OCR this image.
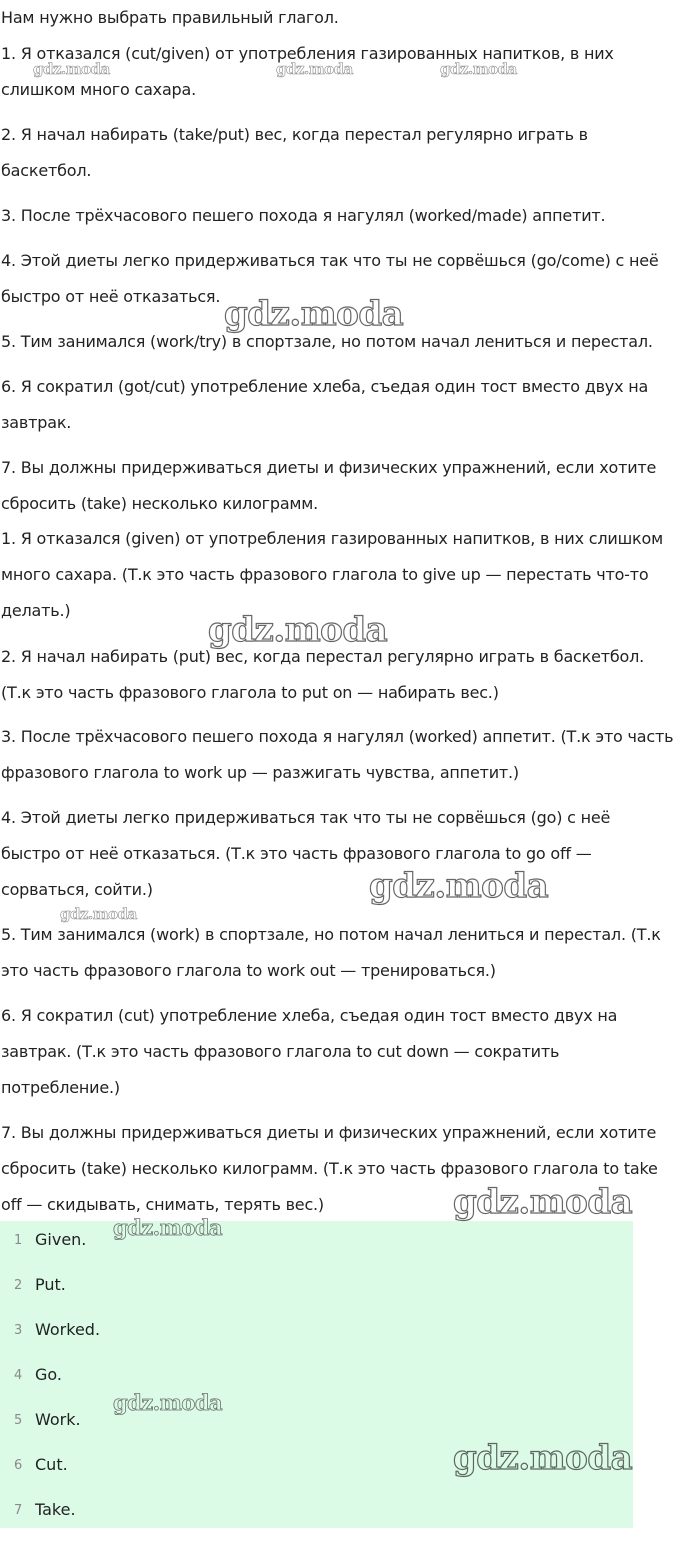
Нам нужно выбрать правильный глагол.
1. Я отказался (cut/given) от употребления газированных напитков, в них
слишком много сахара.
2. Я начал набирать (take/put) вес, когда перестал регулярно играть в
баскетбол.
3. После трёхчасового пешего похода я нагулял (worked/made) аппетит.
4. Этой диеты легко придерживаться так что ты не сорвёшься (go/come) с неё
быстро от неё отказаться.
5. Тим занимался (work/try) в спортзале, но потом начал лениться и перестал.
6. Я сократил (got/cut) употребление хлеба, съедая один тост вместо двух на
завтрак.
7. Вы должны придерживаться диеты и физических упражнений, если хотите
сбросить (take) несколько килограмм.
1. Я отказался (given) от употребления газированных напитков, в них слишком
много сахара. (Т.к это часть фразового глагола to give up — перестать что-то
делать.)
2. Я начал набирать (put) вес, когда перестал регулярно играть в баскетбол.
(Т.к это часть фразового глагола to put on — набирать вес.)
3. После трёхчасового пешего похода я нагулял (worked) аппетит. (Т.к это часть
фразового глагола to work up — разжигать чувства, аппетит.)
4. Этой диеты легко придерживаться так что ты не сорвёшься (go) с неё
быстро от неё отказаться. (Т.к это часть фразового глагола to go off —
сорваться, сойти.)
5. Тим занимался (work) в спортзале, но потом начал лениться и перестал. (Т.к
это часть фразового глагола to work out — тренироваться.)
6. Я сократил (cut) употребление хлеба, съедая один тост вместо двух на
завтрак. (Т.к это часть фразового глагола to cut down — сократить
потребление.)
7. Вы должны придерживаться диеты и физических упражнений, если хотите
сбросить (take) несколько килограмм. (Т.к это часть фразового глагола to take
off — скидывать, снимать, терять вес.)
1 Given.
2 Put.
3 Worked.
4 Go.
5 Work.
6 Cut.
7 Take.
gdz.moda	gdz.moda	gdz.moda
gdz.moda
gdz.moda
gdz.moda
gdz.moda
gdz.moda
gdz.moda
gdz.moda
gdz.moda
